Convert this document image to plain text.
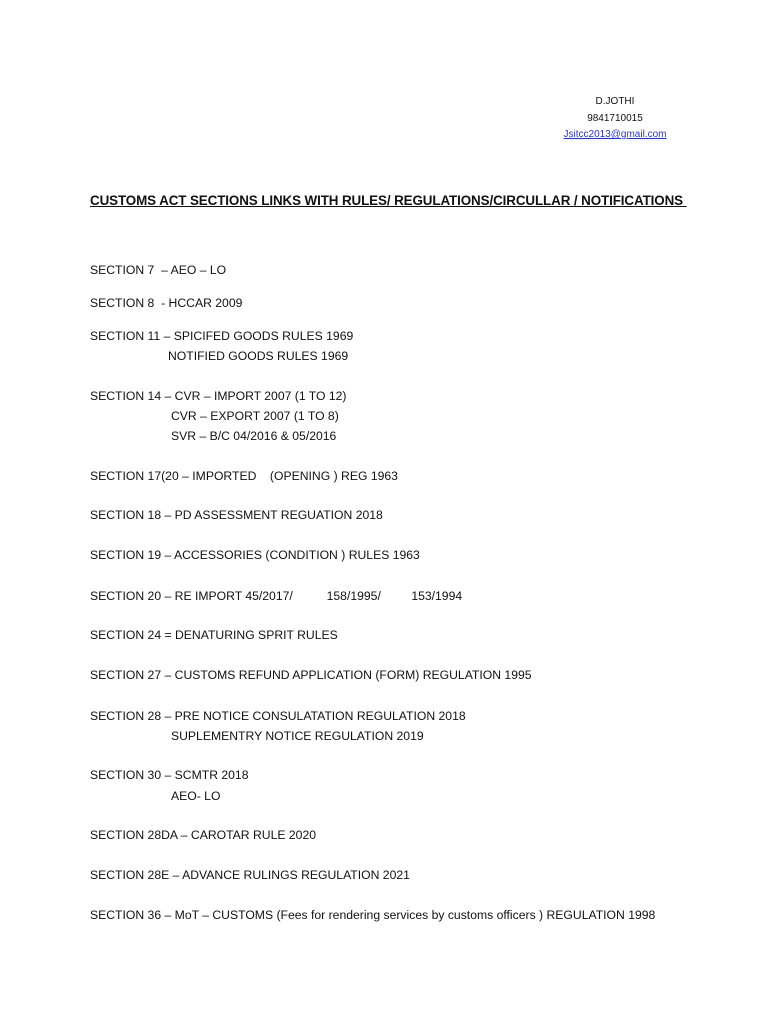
D.JOTHI
9841710015
Jsitcc2013@gmail.com
CUSTOMS ACT SECTIONS LINKS WITH RULES/ REGULATIONS/CIRCULLAR / NOTIFICATIONS
SECTION 7  – AEO – LO
SECTION 8  - HCCAR 2009
SECTION 11 – SPICIFED GOODS RULES 1969
NOTIFIED GOODS RULES 1969
SECTION 14 – CVR – IMPORT 2007 (1 TO 12)
CVR – EXPORT 2007 (1 TO 8)
SVR – B/C 04/2016 & 05/2016
SECTION 17(20 – IMPORTED    (OPENING ) REG 1963
SECTION 18 – PD ASSESSMENT REGUATION 2018
SECTION 19 – ACCESSORIES (CONDITION ) RULES 1963
SECTION 20 – RE IMPORT 45/2017/          158/1995/         153/1994
SECTION 24 = DENATURING SPRIT RULES
SECTION 27 – CUSTOMS REFUND APPLICATION (FORM) REGULATION 1995
SECTION 28 – PRE NOTICE CONSULATATION REGULATION 2018
SUPLEMENTRY NOTICE REGULATION 2019
SECTION 30 – SCMTR 2018
AEO- LO
SECTION 28DA – CAROTAR RULE 2020
SECTION 28E – ADVANCE RULINGS REGULATION 2021
SECTION 36 – MoT – CUSTOMS (Fees for rendering services by customs officers ) REGULATION 1998
